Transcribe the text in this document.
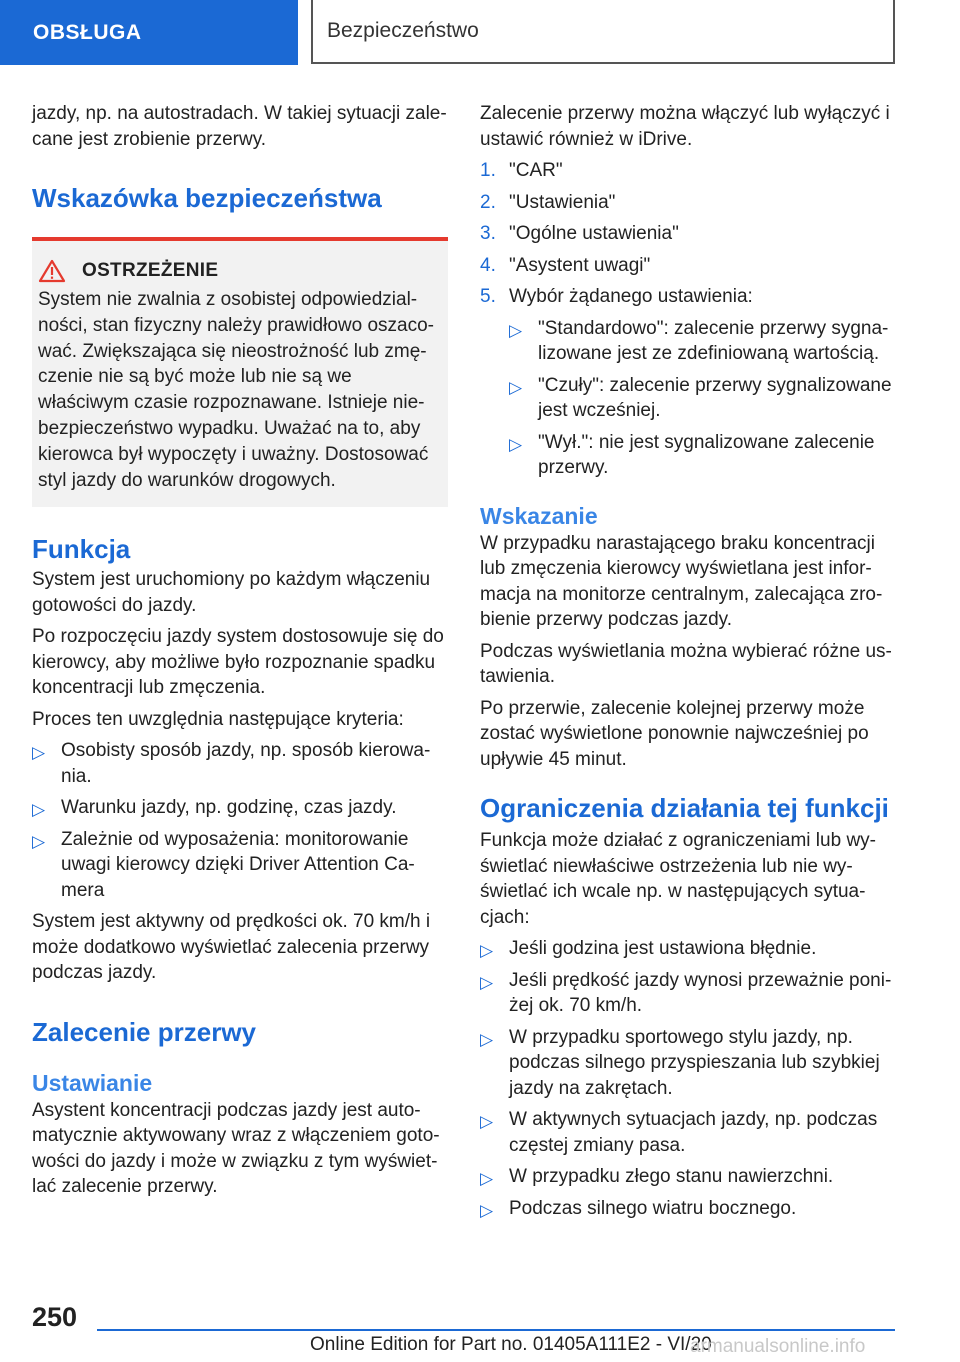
OBSŁUGA	Bezpieczeństwo

jazdy, np. na autostradach. W takiej sytuacji zale-cane jest zrobienie przerwy.

Wskazówka bezpieczeństwa
OSTRZEŻENIE
System nie zwalnia z osobistej odpowiedzial-ności, stan fizyczny należy prawidłowo oszaco-wać. Zwiększająca się nieostrożność lub zmę-czenie nie są być może lub nie są we właściwym czasie rozpoznawane. Istnieje nie-bezpieczeństwo wypadku. Uważać na to, aby kierowca był wypoczęty i uważny. Dostosować styl jazdy do warunków drogowych.
Funkcja

System jest uruchomiony po każdym włączeniu gotowości do jazdy.

Po rozpoczęciu jazdy system dostosowuje się do kierowcy, aby możliwe było rozpoznanie spadku koncentracji lub zmęczenia.

Proces ten uwzględnia następujące kryteria:

▷ Osobisty sposób jazdy, np. sposób kierowa-nia.
▷ Warunku jazdy, np. godzinę, czas jazdy.
▷ Zależnie od wyposażenia: monitorowanie uwagi kierowcy dzięki Driver Attention Ca-mera

System jest aktywny od prędkości ok. 70 km/h i może dodatkowo wyświetlać zalecenia przerwy podczas jazdy.

Zalecenie przerwy
Ustawianie

Asystent koncentracji podczas jazdy jest auto-matycznie aktywowany wraz z włączeniem goto-wości do jazdy i może w związku z tym wyświet-lać zalecenie przerwy.

Zalecenie przerwy można włączyć lub wyłączyć i ustawić również w iDrive.

1. "CAR"
2. "Ustawienia"
3. "Ogólne ustawienia"
4. "Asystent uwagi"
5. Wybór żądanego ustawienia:
▷ "Standardowo": zalecenie przerwy sygna-lizowane jest ze zdefiniowaną wartością.
▷ "Czuły": zalecenie przerwy sygnalizowane jest wcześniej.
▷ "Wył.": nie jest sygnalizowane zalecenie przerwy.
Wskazanie

W przypadku narastającego braku koncentracji lub zmęczenia kierowcy wyświetlana jest infor-macja na monitorze centralnym, zalecająca zro-bienie przerwy podczas jazdy.

Podczas wyświetlania można wybierać różne us-tawienia.

Po przerwie, zalecenie kolejnej przerwy może zostać wyświetlone ponownie najwcześniej po upływie 45 minut.

Ograniczenia działania tej funkcji

Funkcja może działać z ograniczeniami lub wy-świetlać niewłaściwe ostrzeżenia lub nie wy-świetlać ich wcale np. w następujących sytua-cjach:

▷ Jeśli godzina jest ustawiona błędnie.
▷ Jeśli prędkość jazdy wynosi przeważnie poni-żej ok. 70 km/h.
▷ W przypadku sportowego stylu jazdy, np. podczas silnego przyspieszania lub szybkiej jazdy na zakrętach.
▷ W aktywnych sytuacjach jazdy, np. podczas częstej zmiany pasa.
▷ W przypadku złego stanu nawierzchni.
▷ Podczas silnego wiatru bocznego.
250
Online Edition for Part no. 01405A111E2 - VI/20
armanualsonline.info
